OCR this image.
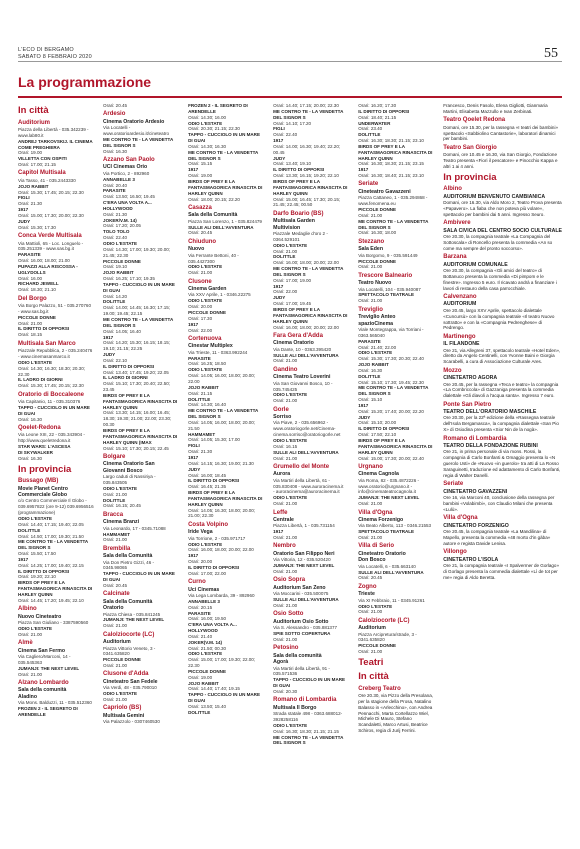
L'ECO DI BERGAMO
SABATO 8 FEBBRAIO 2020	55
La programmazione
In città
Auditorium
Piazza della Libertà - 035.342239 -
www.lab80.it
ANDREJ TARKOVSKIJ. IL CINEMA
COME PREGHIERA
Orari: 19.00
VILLETTA CON OSPITI
Orari: 17.00; 21.15
Capitol Multisala
Via Tasso, 41 - 035.2443330
JOJO RABBIT
Orari: 15.30; 17.45; 20.15; 22.30
FIGLI
Orari: 21.30
1917
Orari: 15.00; 17.30; 20.00; 22.30
JUDY
Orari: 15.30; 17.30
Conca Verde Multisala
Via Mattioli, 65 - Loc. Longuelo -
035.251339 - www.sas.bg.it
PARASITE
Orari: 16.00; 18.00; 21.00
PUPAZZI ALLA RISCOSSA -
UGLYDOLLS
Orari: 16.00
RICHARD JEWELL
Orari: 18.30; 21.10
Del Borgo
Via Borgo Palazzo, 51 - 035.270760
- www.sas.bg.it
PICCOLE DONNE
Orari: 21.00
IL DIRITTO DI OPPORSI
Orari: 18.15
Multisala San Marco
Piazzale Repubblica, 2 - 035.240476
- www.cinemasanmarco.it
ODIO L'ESTATE
Orari: 14.30; 16.30; 18.30; 20.30;
22.30
IL LADRO DI GIORNI
Orari: 15.30; 17.45; 20.15; 22.30
Oratorio di Boccaleone
Via Capitanio, 11 - 035.310376
TAPPO - CUCCIOLO IN UN MARE
DI GUAI
Orari: 16.30
Qoelet-Redona
Via Leone XIII, 22 - 035.343904 -
http://www.qoeletredona.it
STAR WARS: L'ASCESA
DI SKYWALKER
Orari: 16.30
In provincia
Bussago (MB)
Movie Planet Centro
Commerciale Globo
c/o Centro Commerciale Il Globo -
039.6957822 (ore 9-12) 039.6956516
(programmazione)
ODIO L'ESTATE
Orari: 14.40; 17.15; 19.40; 22.05
DOLITTLE
Orari: 14.50; 17.00; 19.30; 21.50
ME CONTRO TE - LA VENDETTA
DEL SIGNOR S
Orari: 15.50; 17.50
1917
Orari: 14.25; 17.00; 19.40; 22.15
IL DIRITTO DI OPPORSI
Orari: 19.20; 22.10
BIRDS OF PREY E LA
FANTASMAGORICA RINASCITA DI
HARLEY QUINN
Orari: 14.45; 17.20; 19.45; 22.10
Albino
Nuovo Cineteatro
Piazza San Giuliano - 3387590560
ODIO L'ESTATE
Orari: 21.00
Almè
Cinema San Fermo
Via Cagliero/Marconi, 14 -
035.545363
JUMANJI: THE NEXT LEVEL
Orari: 21.00
Alzano Lombardo
Sala della comunità
Aladino
Via Mons. Balduzzi, 11 - 035.512360
FROZEN 2 - IL SEGRETO DI
ARENDELLE
Orari: 20.45
Ardesio
Cinema Oratorio Ardesio
Via Locatelli -
www.oratorioardesio.it/cineteatro
ME CONTRO TE - LA VENDETTA
DEL SIGNOR S
Orari: 16.30
Azzano San Paolo
UCI Cinemas Orio
Via Portico, 2 - 892960
ANNABELLE 3
Orari: 20.40
PARASITE
Orari: 13.50; 16.50; 19.45
C'ERA UNA VOLTA A...
HOLLYWOOD
Orari: 21.30
JOKER/V.M. 14)
Orari: 17.20; 20.05
TOLO TOLO
Orari: 22.40
ODIO L'ESTATE
Orari: 14.30; 17.00; 19.30; 20.00;
21.45; 22.30
PICCOLE DONNE
Orari: 19.10
JOJO RABBIT
Orari: 16.25; 17.10; 19.35
TAPPO - CUCCIOLO IN UN MARE
DI GUAI
Orari: 14.20
DOLITTLE
Orari: 14.00; 14.45; 16.30; 17.15;
19.00; 19.45; 22.15
ME CONTRO TE - LA VENDETTA
DEL SIGNOR S
Orari: 14.05; 16.40
1917
Orari: 14.20; 15.30; 16.15; 18.15;
19.10; 21.15; 22.25
JUDY
Orari: 22.10
IL DIRITTO DI OPPORSI
Orari: 13.40; 17.45; 19.20; 22.05
IL LADRO DI GIORNI
Orari: 15.10; 17.30; 20.40; 22.50;
23.45
BIRDS OF PREY E LA
FANTASMAGORICA RINASCITA DI
HARLEY QUINN
Orari: 13.30; 14.15; 16.00; 16.45;
18.30; 19.30; 21.00; 22.00; 23.30;
00.30
BIRDS OF PREY E LA
FANTASMAGORICA RINASCITA DI
HARLEY QUINN (IMAX
Orari: 15.10; 17.30; 20.15; 22.45
Bolgare
Cinema Oratorio San
Giovanni Bosco
Largo caduti di Nassiriya -
035.843505
ODIO L'ESTATE
Orari: 21.00
DOLITTLE
Orari: 16.15; 20.45
Bracca
Cinema Branzi
Via Leonardo, 17 - 0345.71088
HAMMAMET
Orari: 21.00
Brembilla
Sala della Comunità
Via Don Pietro Gizzi, 46 -
0345.98065
TAPPO - CUCCIOLO IN UN MARE
DI GUAI
Orari: 20.45
Calcinate
Sala della Comunità
Oratorio
Piazza Chiesa - 035.841245
JUMANJI: THE NEXT LEVEL
Orari: 21.00
Calolziocorte (LC)
Auditorium
Piazza Vittorio Veneto, 3 -
0341.635820
PICCOLE DONNE
Orari: 21.00
Clusone d'Adda
Cineteatro San Fedele
Via Verdi, 48 - 035.790010
ODIO L'ESTATE
Orari: 21.00
Capriolo (BS)
Multisala Gemini
Via Palazzolo - 0307460530
FROZEN 2 - IL SEGRETO DI
ARENDELLE
Orari: 14.30; 16.00
ODIO L'ESTATE
Orari: 20.30; 21.15; 22.30
TAPPO - CUCCIOLO IN UN MARE
DI GUAI
Orari: 14.30; 16.30
ME CONTRO TE - LA VENDETTA
DEL SIGNOR S
Orari: 15.15
1917
Orari: 19.00
BIRDS OF PREY E LA
FANTASMAGORICA RINASCITA DI
HARLEY QUINN
Orari: 18.00; 20.15; 22.20
Casazza
Sala della Comunità
Piazza San Lorenzo, 1 - 035.824479
SULLE ALI DELL'AVVENTURA
Orari: 20.45
Chiuduno
Nuovo
Via Ferrante Bettoni, 40 -
035.4427300
ODIO L'ESTATE
Orari: 21.00
Clusone
Cinema Garden
Via XXV Aprile, 1 - 0346.22275
ODIO L'ESTATE
Orari: 20.00
PICCOLE DONNE
Orari: 17.30
1917
Orari: 22.00
Cortenuova
Cinestar Multiplex
Via Trieste, 11 - 0363.992244
PARASITE
Orari: 16.25; 18.50
ODIO L'ESTATE
Orari: 14.05; 16.00; 18.00; 20.00;
22.00
JOJO RABBIT
Orari: 21.15
DOLITTLE
Orari: 14.30; 16.40
ME CONTRO TE - LA VENDETTA
DEL SIGNOR S
Orari: 14.05; 16.00; 18.00; 20.00;
21.50
HAMMAMET
Orari: 14.05; 15.30; 17.00
FIGLI
Orari: 21.30
1917
Orari: 14.15; 16.30; 19.00; 21.30
JUDY
Orari: 16.00; 18.45
IL DIRITTO DI OPPORSI
Orari: 16.45; 21.35
BIRDS OF PREY E LA
FANTASMAGORICA RINASCITA DI
HARLEY QUINN
Orari: 14.05; 16.30; 18.00; 20.00;
21.00; 22.30
Costa Volpino
Iride Vega
Via Torrione, 2 - 035.971717
ODIO L'ESTATE
Orari: 16.00; 18.00; 20.00; 22.00
1917
Orari: 20.00
IL DIRITTO DI OPPORSI
Orari: 17.00; 22.00
Curno
Uci Cinemas
Via Lega Lombarda, 39 - 892960
ANNABELLE 3
Orari: 20.15
PARASITE
Orari: 16.00; 19.50
C'ERA UNA VOLTA A...
HOLLYWOOD
Orari: 21.40
JOKER(V.M. 14)
Orari: 21.50; 00.30
ODIO L'ESTATE
Orari: 15.00; 17.00; 19.30; 22.00;
22.30
PICCOLE DONNE
Orari: 19.00
JOJO RABBIT
Orari: 14.40; 17.40; 19.15
TAPPO - CUCCIOLO IN UN MARE
DI GUAI
Orari: 13.50; 15.40
DOLITTLE
Orari: 14.40; 17.15; 20.00; 22.30
ME CONTRO TE - LA VENDETTA
DEL SIGNOR S
Orari: 14.10; 17.20
FIGLI
Orari: 22.40
1917
Orari: 14.00; 16.30; 19.40; 22.20;
00.45
JUDY
Orari: 13.40; 19.10
IL DIRITTO DI OPPORSI
Orari: 13.30; 16.15; 19.20; 22.10
BIRDS OF PREY E LA
FANTASMAGORICA RINASCITA DI
HARLEY QUINN
Orari: 15.00; 16.45; 17.30; 20.15;
21.45; 22.45; 00.50
Darfo Boario (BS)
Multisala Garden
Multivision
Piazzale Medaglie d'oro 2 -
0364.529101
ODIO L'ESTATE
Orari: 21.00
DOLITTLE
Orari: 16.00; 18.00; 20.00; 22.00
ME CONTRO TE - LA VENDETTA
DEL SIGNOR S
Orari: 17.00; 19.00
1917
Orari: 22.00
JUDY
Orari: 17.00; 19.45
BIRDS OF PREY E LA
FANTASMAGORICA RINASCITA DI
HARLEY QUINN
Orari: 16.00; 18.00; 20.00; 22.00
Fara Gera d'Adda
Cinema Oratorio
Via Dante, 10 - 0363.395420
SULLE ALI DELL'AVVENTURA
Orari: 21.00
Gandino
Cinema Teatro Loverini
Via San Giovanni Bosco, 10 -
035.745425
ODIO L'ESTATE
Orari: 21.00
Gorle
Sorriso
Via Piave, 2 - 035.656962 -
www.oratoriogorle.net/Cinema-
cinema.sorriso@oratoriogorle.net
ODIO L'ESTATE
Orari: 16.15
SULLE ALI DELL'AVVENTURA
Orari: 21.00
Grumello del Monte
Aurora
Via Martiri della Libertà, 61 -
035.830408 - www.auroracinema.it
- auroracinema@auroracinema.it
ODIO L'ESTATE
Orari: 21.00
Leffe
Centrale
Piazza Libertà, 1 - 035.731154
1917
Orari: 21.00
Nembro
Oratorio San Filippo Neri
Via Vittoria, 12 - 035.520420
JUMANJI: THE NEXT LEVEL
Orari: 21.00
Osio Sopra
Auditorium San Zeno
Via Moccarini - 035.500075
SULLE ALI DELL'AVVENTURA
Orari: 21.00
Osio Sotto
Auditorium Osio Sotto
Via S. Alessandro - 035.881377
SPIE SOTTO COPERTURA
Orari: 21.00
Petosino
Sala della comunità
Agorà
Via Martiri della Libertà, 91 -
035.571536
TAPPO - CUCCIOLO IN UN MARE
DI GUAI
Orari: 20.30
Romano di Lombardia
Multisala Il Borgo
Strada statale 498 - 0363.688012-
3928258116
ODIO L'ESTATE
Orari: 16.30; 18.30; 21.15; 21.15
ME CONTRO TE - LA VENDETTA
DEL SIGNOR S
Orari: 16.20; 17.30
IL DIRITTO DI OPPORSI
Orari: 18.40; 21.15
UNDERWATER
Orari: 23.40
DOLITTLE
Orari: 16.30; 18.30; 21.15; 23.10
BIRDS OF PREY E LA
FANTASMAGORICA RINASCITA DI
HARLEY QUINN
Orari: 16.30; 18.30; 21.15; 23.15
1917
Orari: 16.30; 18.40; 21.15; 23.10
Seriate
Cineteatro Gavazzeni
Piazza Cattaneo, 1 - 035.294868 -
www.fenomena.eu
PICCOLE DONNE
Orari: 21.00
ME CONTRO TE - LA VENDETTA
DEL SIGNOR S
Orari: 16.30; 18.00
Stezzano
Sala Eden
Via Borgomo, 9 - 035.591449
PICCOLE DONNE
Orari: 21.00
Trescore Balneario
Teatro Nuovo
Via Locatelli, 104 - 035.940087
SPETTACOLO TEATRALE
Orari: 21.00
Treviglio
Treviglio Anteo
spazioCinema
Viale Montegrappa, via Torriani -
0363.565040
PARASITE
Orari: 21.40; 22.00
ODIO L'ESTATE
Orari: 15.30; 17.30; 20.30; 22.40
JOJO RABBIT
Orari: 16.30
DOLITTLE
Orari: 15.10; 17.30; 19.45; 22.30
ME CONTRO TE - LA VENDETTA
DEL SIGNOR S
Orari: 15.10
1917
Orari: 15.20; 17.40; 20.00; 22.20
JUDY
Orari: 15.10; 20.00
IL DIRITTO DI OPPORSI
Orari: 17.50; 22.10
BIRDS OF PREY E LA
FANTASMAGORICA RINASCITA DI
HARLEY QUINN
Orari: 15.00; 17.30; 20.00; 22.40
Urgnano
Cinema Cagnola
Via Roma, 82 - 035.4872226 -
www.oratorio@urgnano.it -
info@cinemateatrocagnola.it
JUMANJI: THE NEXT LEVEL
Orari: 21.00
Villa d'Ogna
Cinema Forzenigo
Via Beato Alberto, 113 - 0346.21553
SPETTACOLO TEATRALE
Orari: 21.00
Villa di Serio
Cineteatro Oratorio
Don Bosco
Via Locatelli, 6 - 035.663140
SULLE ALI DELL'AVVENTURA
Orari: 20.45
Zogno
Trieste
Via XI Febbraio, 11 - 0345.91261
ODIO L'ESTATE
Orari: 21.00
Calolziocorte (LC)
Auditorium
Piazza Arcipretura/strade, 3 -
0341.635820
PICCOLE DONNE
Orari: 21.00
Teatri
In città
Creberg Teatro
Ore 20.30, via Pizzo della Presolana, per la stagione della Prosa, Natalino Balasso in «Arlecchino», con Andrea Pennacchi, Marta Cortellazzo Wiel, Michele Di Mauro, Stefano Scandaletti, Marco Artusi, Beatrice Schiros, regia di Jurij Ferrini.
Francesco, Denis Fasolo, Elena Gigliotti, Gianmaria Martini, Elisabetta Mazzullo e Ivan Zerbinati.
Teatro Qoelet Redona
Domani, ore 15.30, per la rassegna «I teatri dei bambini» spettacolo «Sabbiolino Cantastorie», laboratori dinamici per bambini.
Teatro San Giorgio
Domani, ore 10.45 e 16.30, via San Giorgio, Fondazione Teatro presenta «Fiori il pescatore» e Pinocchio Kappa e altri 1 ai 4 anni.
In provincia
Albino
AUDITORIUM BENVENUTO CAMBIANICA
Domani, ore 16.30, via Aldo Moro 2, Teatro Prova presenta «Papavero». La fiaba che non poteva più volare», spettacolo per bambini dai 5 anni. Ingresso Seuro.
Ambivere
SALA CIVICA DEL CENTRO SOCIO CULTURALE
Ore 20.30, la compagnia teatrale «La Compagnia del Sottoscala» di Roncello presenta la commedia «An so come ma sempre del pronto soccorso».
Barzana
AUDITORIUM COMUNALE
Ore 20.30, la compagnia «Gli amici del teatro» di Bottanuco presenta la commedia «Di pimpom e le finestre». Ingresso 5 euro. Il ricavato andrà a finanziare i lavori di restauro della casa parrocchiale.
Calvenzano
AUDITORIUM
Ore 20.45, largo XXV Aprile, spettacolo dialettale «Cuncursù» con la compagnia teatrale «Il teatro Nuovo sottratto» e con la «Compagnia Pedrenghese» di Pedrengo.
Martinengo
IL FILANDONE
Ore 21, via Allegreni 37, spettacolo teatrale «Hotel Eden», diretto da Angelo Centinelli, con Yvonne Baini e Giorgia Scarabelli, a cura di Associazione Culturale Ares.
Mozzo
CINETEATRO AGORA
Ore 20.45, per la rassegna «Teca e teatro» la compagnia «La Combriccola» di Gazzaniga presenta la commedia dialettale «Gli diavoli a l'acqua santa». Ingresso 7 euro.
Ponte San Pietro
TEATRO DELL'ORATORIO MASCHILE
Ore 20.30, per la 22ª edizione della «Rassegna teatrale dell'Isola Bergamasca», la compagnia dialettale «San Pio X» di Osiodina presenta «Sior Nin de la nogà».
Romano di Lombardia
TEATRO DELLA FONDAZIONE RUBINI
Ore 21, in prima personale di via mons. Rossi, la compagnia di Carlo Bonfanti & Omaggio presenta lo «N guerolo Usti» de «Nuovo «in guerolo» tra atti di La Rosso Saraguinetti, traduzione ed adattamento di Carlo Bonfanti, regia di Walter Danelli.
Seriate
CINETEATRO GAVAZZENI
Ore 16, via Marconi 40, conclusione della rassegna per bambini «Volabimbi», con Claudio Milani che presenta «Lulù».
Villa d'Ogna
CINETEATRO FORZENIGO
Ore 20.45, la compagnia teatrale «La Mandilina» di Mapello, presenta la commedia «48 morto d'in gàba» autore e regista Davide Lenisa.
Villongo
CINETEATRO L'ISOLA
Ore 21, la compagnia teatrale «I Spalvermer de Gorlago» di Gorlago presenta la commedia dialettale «Lì de tot per me» regia di Aldo Beretta.
